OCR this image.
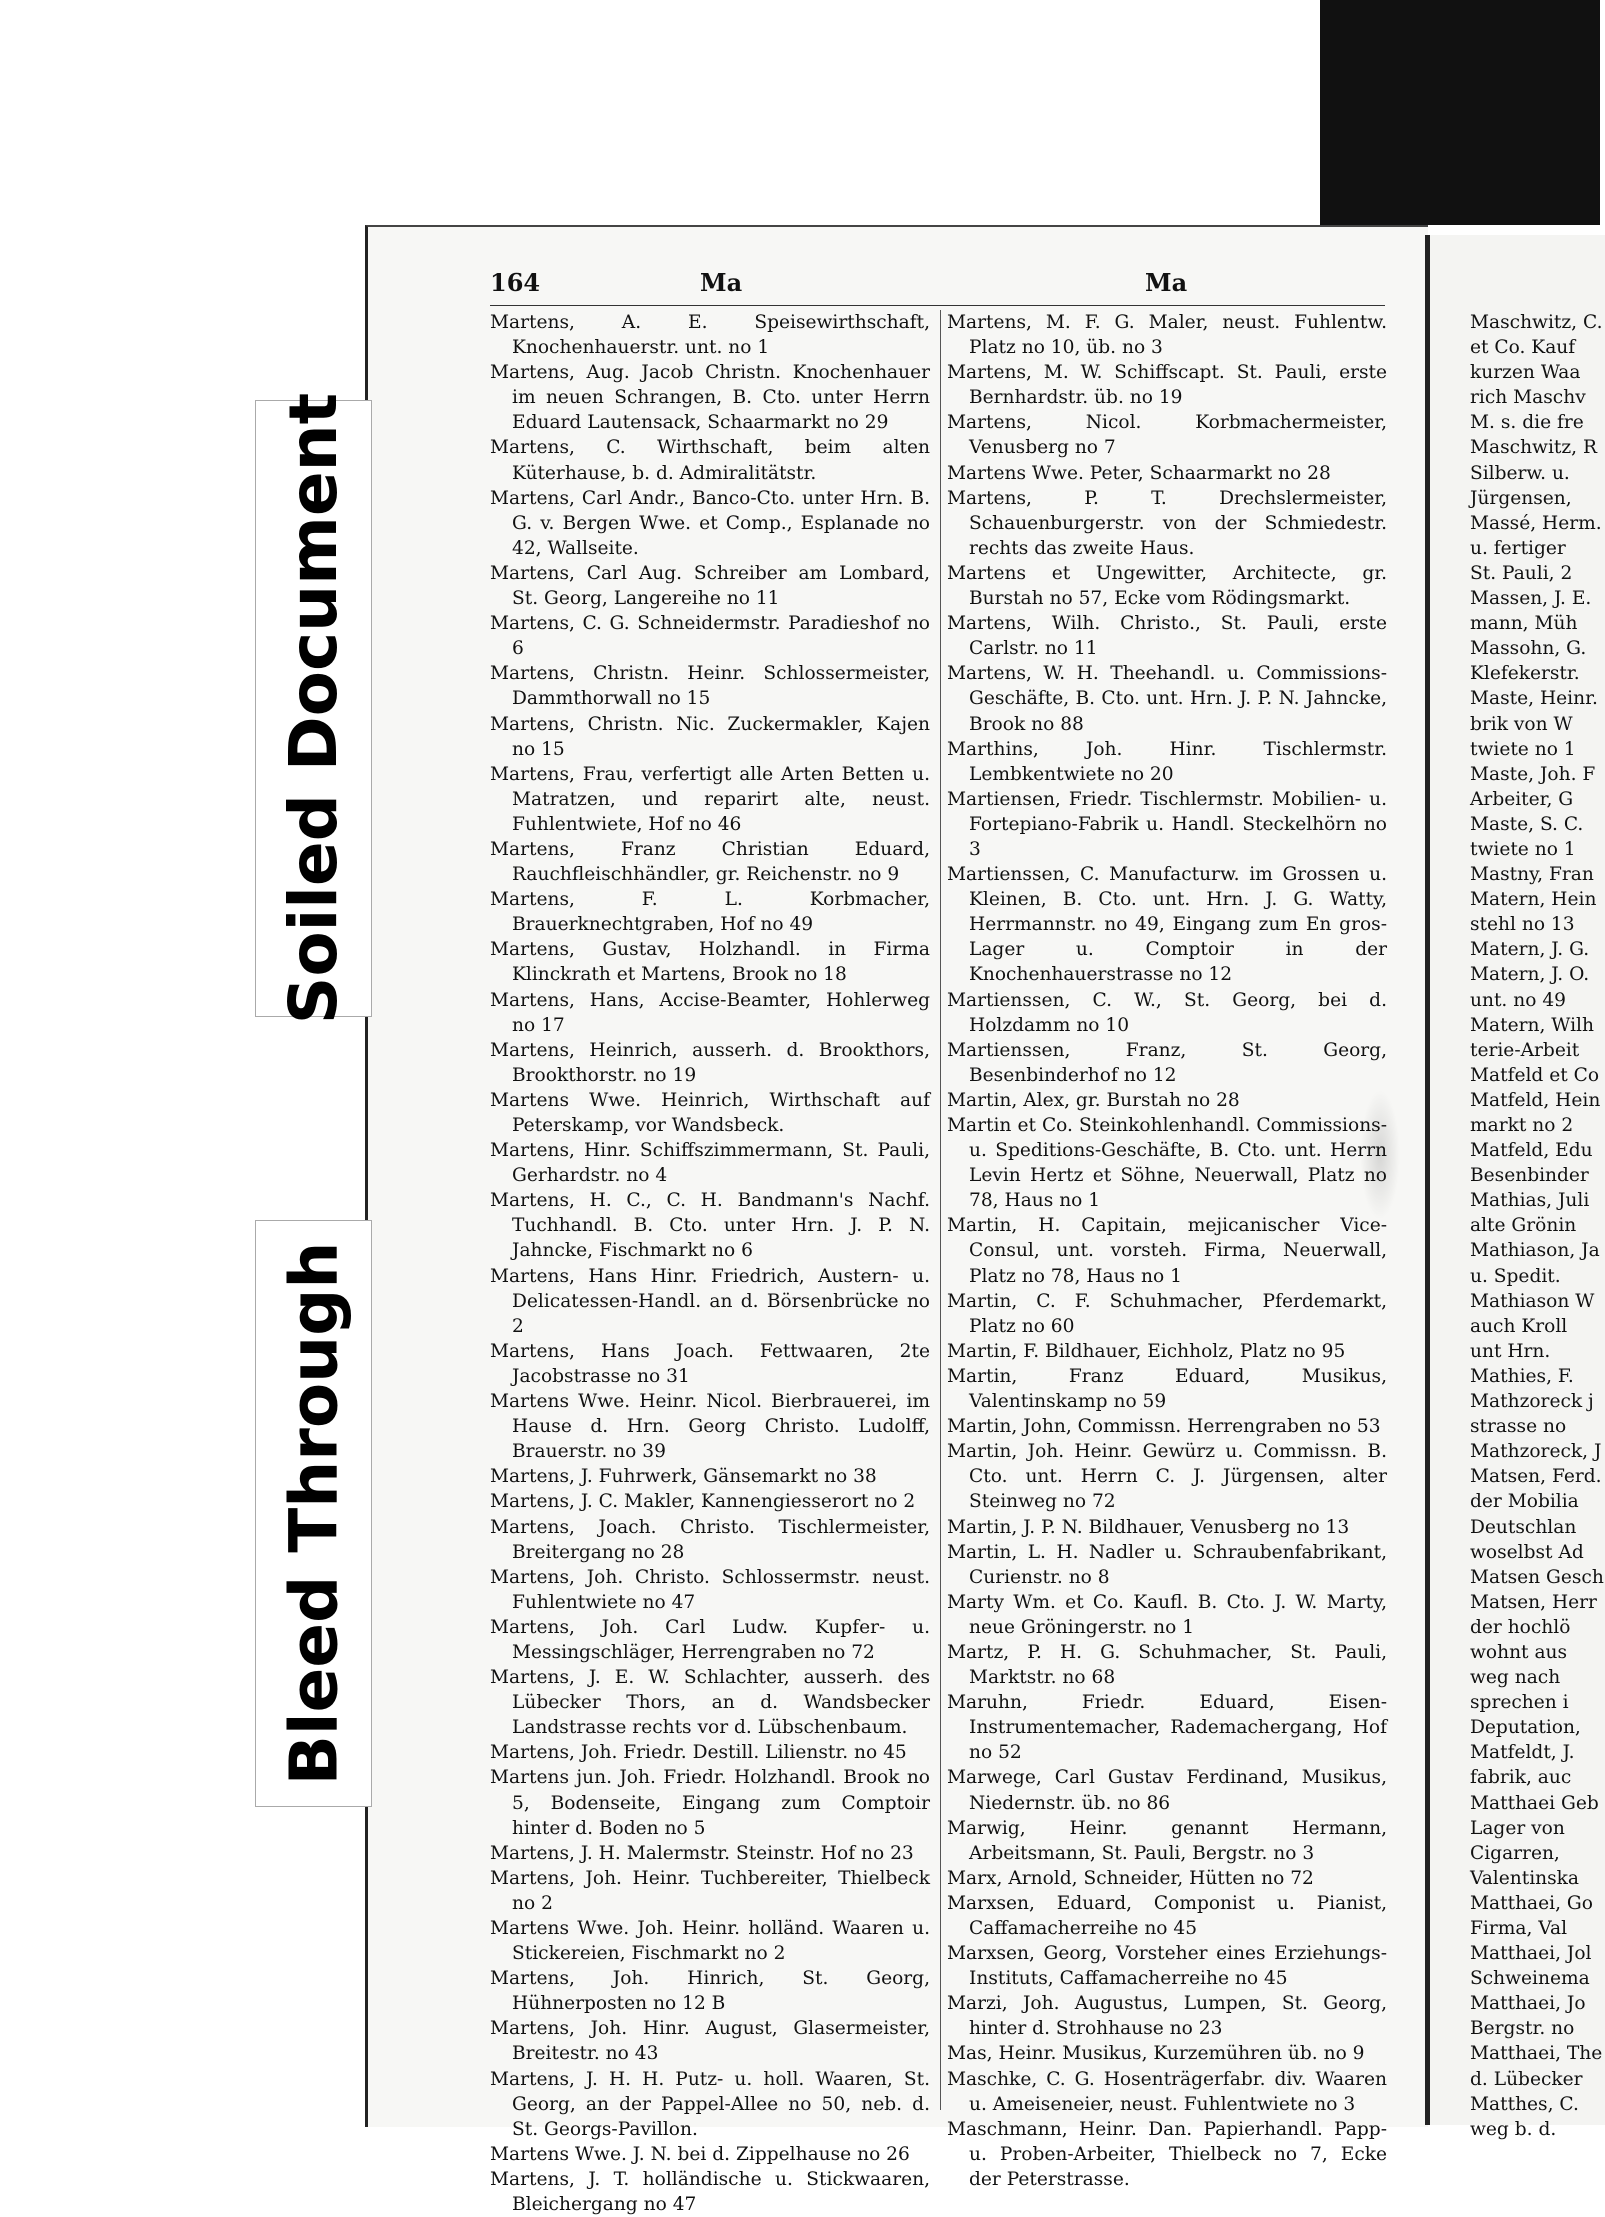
Soiled Document
Bleed Through
164	Ma	Ma

Martens, A. E. Speisewirthschaft, Knochenhauerstr. unt. no 1

Martens, Aug. Jacob Christn. Knochenhauer im neuen Schrangen, B. Cto. unter Herrn Eduard Lautensack, Schaarmarkt no 29

Martens, C. Wirthschaft, beim alten Küterhause, b. d. Admiralitätstr.

Martens, Carl Andr., Banco-Cto. unter Hrn. B. G. v. Bergen Wwe. et Comp., Esplanade no 42, Wallseite.

Martens, Carl Aug. Schreiber am Lombard, St. Georg, Langereihe no 11

Martens, C. G. Schneidermstr. Paradieshof no 6

Martens, Christn. Heinr. Schlossermeister, Dammthorwall no 15

Martens, Christn. Nic. Zuckermakler, Kajen no 15

Martens, Frau, verfertigt alle Arten Betten u. Matratzen, und reparirt alte, neust. Fuhlentwiete, Hof no 46

Martens, Franz Christian Eduard, Rauchfleischhändler, gr. Reichenstr. no 9

Martens, F. L. Korbmacher, Brauerknechtgraben, Hof no 49

Martens, Gustav, Holzhandl. in Firma Klinckrath et Martens, Brook no 18

Martens, Hans, Accise-Beamter, Hohlerweg no 17

Martens, Heinrich, ausserh. d. Brookthors, Brookthorstr. no 19

Martens Wwe. Heinrich, Wirthschaft auf Peterskamp, vor Wandsbeck.

Martens, Hinr. Schiffszimmermann, St. Pauli, Gerhardstr. no 4

Martens, H. C., C. H. Bandmann's Nachf. Tuchhandl. B. Cto. unter Hrn. J. P. N. Jahncke, Fischmarkt no 6

Martens, Hans Hinr. Friedrich, Austern- u. Delicatessen-Handl. an d. Börsenbrücke no 2

Martens, Hans Joach. Fettwaaren, 2te Jacobstrasse no 31

Martens Wwe. Heinr. Nicol. Bierbrauerei, im Hause d. Hrn. Georg Christo. Ludolff, Brauerstr. no 39

Martens, J. Fuhrwerk, Gänsemarkt no 38

Martens, J. C. Makler, Kannengiesserort no 2

Martens, Joach. Christo. Tischlermeister, Breitergang no 28

Martens, Joh. Christo. Schlossermstr. neust. Fuhlentwiete no 47

Martens, Joh. Carl Ludw. Kupfer- u. Messingschläger, Herrengraben no 72

Martens, J. E. W. Schlachter, ausserh. des Lübecker Thors, an d. Wandsbecker Landstrasse rechts vor d. Lübschenbaum.

Martens, Joh. Friedr. Destill. Lilienstr. no 45

Martens jun. Joh. Friedr. Holzhandl. Brook no 5, Bodenseite, Eingang zum Comptoir hinter d. Boden no 5

Martens, J. H. Malermstr. Steinstr. Hof no 23

Martens, Joh. Heinr. Tuchbereiter, Thielbeck no 2

Martens Wwe. Joh. Heinr. holländ. Waaren u. Stickereien, Fischmarkt no 2

Martens, Joh. Hinrich, St. Georg, Hühnerposten no 12 B

Martens, Joh. Hinr. August, Glasermeister, Breitestr. no 43

Martens, J. H. H. Putz- u. holl. Waaren, St. Georg, an der Pappel-Allee no 50, neb. d. St. Georgs-Pavillon.

Martens Wwe. J. N. bei d. Zippelhause no 26

Martens, J. T. holländische u. Stickwaaren, Bleichergang no 47

Martens, M. F. G. Maler, neust. Fuhlentw. Platz no 10, üb. no 3

Martens, M. W. Schiffscapt. St. Pauli, erste Bernhardstr. üb. no 19

Martens, Nicol. Korbmachermeister, Venusberg no 7

Martens Wwe. Peter, Schaarmarkt no 28

Martens, P. T. Drechslermeister, Schauenburgerstr. von der Schmiedestr. rechts das zweite Haus.

Martens et Ungewitter, Architecte, gr. Burstah no 57, Ecke vom Rödingsmarkt.

Martens, Wilh. Christo., St. Pauli, erste Carlstr. no 11

Martens, W. H. Theehandl. u. Commissions-Geschäfte, B. Cto. unt. Hrn. J. P. N. Jahncke, Brook no 88

Marthins, Joh. Hinr. Tischlermstr. Lembkentwiete no 20

Martiensen, Friedr. Tischlermstr. Mobilien- u. Fortepiano-Fabrik u. Handl. Steckelhörn no 3

Martienssen, C. Manufacturw. im Grossen u. Kleinen, B. Cto. unt. Hrn. J. G. Watty, Herrmannstr. no 49, Eingang zum En gros-Lager u. Comptoir in der Knochenhauerstrasse no 12

Martienssen, C. W., St. Georg, bei d. Holzdamm no 10

Martienssen, Franz, St. Georg, Besenbinderhof no 12

Martin, Alex, gr. Burstah no 28

Martin et Co. Steinkohlenhandl. Commissions- u. Speditions-Geschäfte, B. Cto. unt. Herrn Levin Hertz et Söhne, Neuerwall, Platz no 78, Haus no 1

Martin, H. Capitain, mejicanischer Vice-Consul, unt. vorsteh. Firma, Neuerwall, Platz no 78, Haus no 1

Martin, C. F. Schuhmacher, Pferdemarkt, Platz no 60

Martin, F. Bildhauer, Eichholz, Platz no 95

Martin, Franz Eduard, Musikus, Valentinskamp no 59

Martin, John, Commissn. Herrengraben no 53

Martin, Joh. Heinr. Gewürz u. Commissn. B. Cto. unt. Herrn C. J. Jürgensen, alter Steinweg no 72

Martin, J. P. N. Bildhauer, Venusberg no 13

Martin, L. H. Nadler u. Schraubenfabrikant, Curienstr. no 8

Marty Wm. et Co. Kaufl. B. Cto. J. W. Marty, neue Gröningerstr. no 1

Martz, P. H. G. Schuhmacher, St. Pauli, Marktstr. no 68

Maruhn, Friedr. Eduard, Eisen-Instrumentemacher, Rademachergang, Hof no 52

Marwege, Carl Gustav Ferdinand, Musikus, Niedernstr. üb. no 86

Marwig, Heinr. genannt Hermann, Arbeitsmann, St. Pauli, Bergstr. no 3

Marx, Arnold, Schneider, Hütten no 72

Marxsen, Eduard, Componist u. Pianist, Caffamacherreihe no 45

Marxsen, Georg, Vorsteher eines Erziehungs-Instituts, Caffamacherreihe no 45

Marzi, Joh. Augustus, Lumpen, St. Georg, hinter d. Strohhause no 23

Mas, Heinr. Musikus, Kurzemühren üb. no 9

Maschke, C. G. Hosenträgerfabr. div. Waaren u. Ameiseneier, neust. Fuhlentwiete no 3

Maschmann, Heinr. Dan. Papierhandl. Papp- u. Proben-Arbeiter, Thielbeck no 7, Ecke der Peterstrasse.

Maschwitz, C.

et Co. Kauf

kurzen Waa

rich Maschv

M. s. die fre

Maschwitz, R

Silberw. u.

Jürgensen,

Massé, Herm.

u. fertiger

St. Pauli, 2

Massen, J. E.

mann, Müh

Massohn, G.

Klefekerstr.

Maste, Heinr.

brik von W

twiete no 1

Maste, Joh. F

Arbeiter, G

Maste, S. C.

twiete no 1

Mastny, Fran

Matern, Hein

stehl no 13

Matern, J. G.

Matern, J. O.

unt. no 49

Matern, Wilh

terie-Arbeit

Matfeld et Co

Matfeld, Hein

markt no 2

Matfeld, Edu

Besenbinder

Mathias, Juli

alte Grönin

Mathiason, Ja

u. Spedit.

Mathiason W

auch Kroll

unt Hrn.

Mathies, F.

Mathzoreck j

strasse no

Mathzoreck, J

Matsen, Ferd.

der Mobilia

Deutschlan

woselbst Ad

Matsen Gesch

Matsen, Herr

der hochlö

wohnt aus

weg nach

sprechen i

Deputation,

Matfeldt, J.

fabrik, auc

Matthaei Geb

Lager von

Cigarren,

Valentinska

Matthaei, Go

Firma, Val

Matthaei, Jol

Schweinema

Matthaei, Jo

Bergstr. no

Matthaei, The

d. Lübecker

Matthes, C.

weg b. d.
